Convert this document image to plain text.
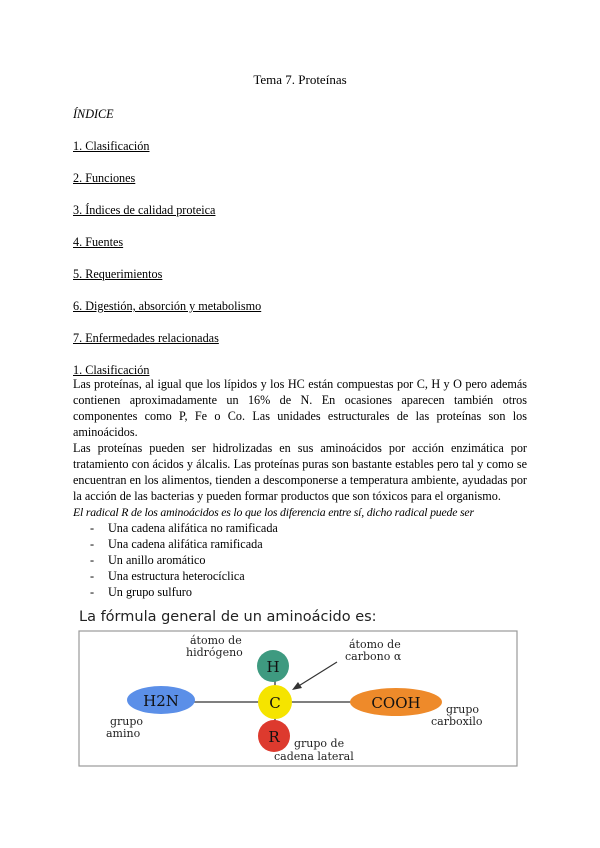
Tema 7. Proteínas
ÍNDICE
1. Clasificación
2. Funciones
3. Índices de calidad proteica
4. Fuentes
5. Requerimientos
6. Digestión, absorción y metabolismo
7. Enfermedades relacionadas
1. Clasificación

Las proteínas, al igual que los lípidos y los HC están compuestas por C, H y O pero además contienen aproximadamente un 16% de N. En ocasiones aparecen también otros componentes como P, Fe o Co. Las unidades estructurales de las proteínas son los aminoácidos.

Las proteínas pueden ser hidrolizadas en sus aminoácidos por acción enzimática por tratamiento con ácidos y álcalis. Las proteínas puras son bastante estables pero tal y como se encuentran en los alimentos, tienden a descomponerse a temperatura ambiente, ayudadas por la acción de las bacterias y pueden formar productos que son tóxicos para el organismo.

El radical R de los aminoácidos es lo que los diferencia entre sí, dicho radical puede ser

- Una cadena alifática no ramificada
- Una cadena alifática ramificada
- Un anillo aromático
- Una estructura heterocíclica
- Un grupo sulfuro
La fórmula general de un aminoácido es:
H
C
R
H2N	COOH
átomo de
hidrógeno
átomo de
carbono α
grupo
amino
grupo
carboxilo
grupo de
cadena lateral
